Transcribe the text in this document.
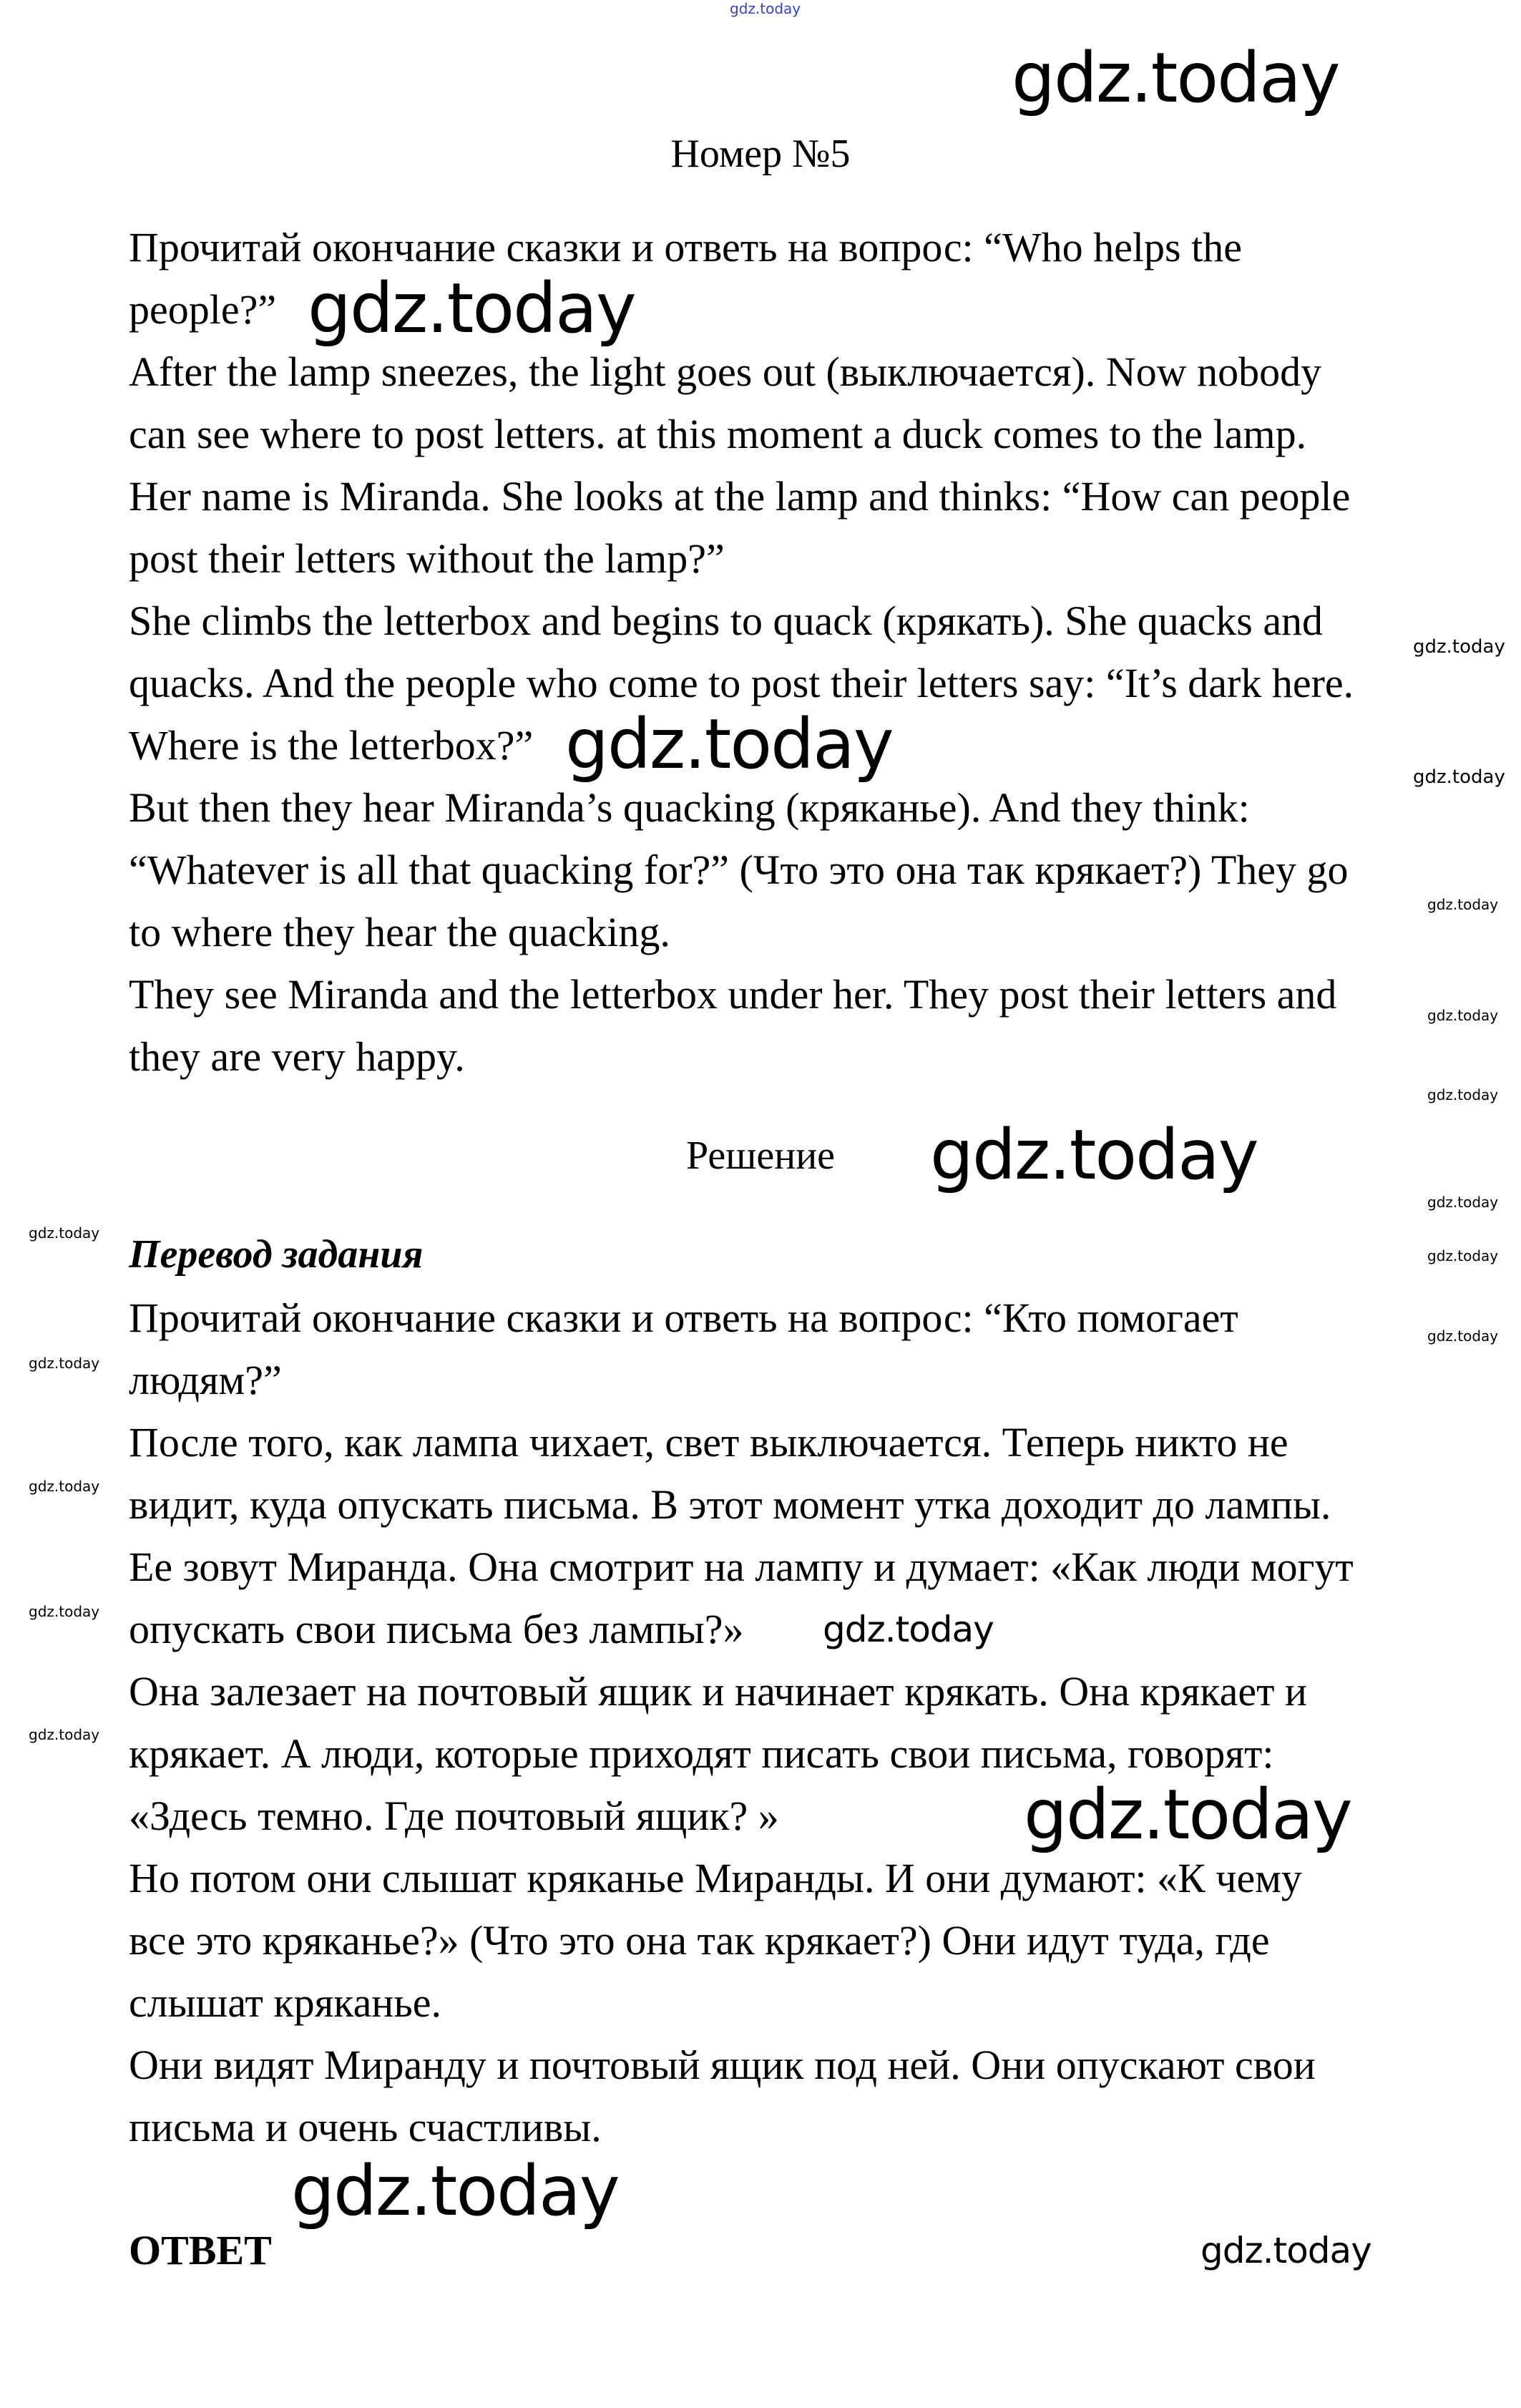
gdz.today
Номер №5
Прочитай окончание сказки и ответь на вопрос: “Who helps the
people?”
After the lamp sneezes, the light goes out (выключается). Now nobody
can see where to post letters. at this moment a duck comes to the lamp.
Her name is Miranda. She looks at the lamp and thinks: “How can people
post their letters without the lamp?”
She climbs the letterbox and begins to quack (крякать). She quacks and
quacks. And the people who come to post their letters say: “It’s dark here.
Where is the letterbox?”
But then they hear Miranda’s quacking (кряканье). And they think:
“Whatever is all that quacking for?” (Что это она так крякает?) They go
to where they hear the quacking.
They see Miranda and the letterbox under her. They post their letters and
they are very happy.
Решение
Перевод задания
Прочитай окончание сказки и ответь на вопрос: “Кто помогает
людям?”
После того, как лампа чихает, свет выключается. Теперь никто не
видит, куда опускать письма. В этот момент утка доходит до лампы.
Ее зовут Миранда. Она смотрит на лампу и думает: «Как люди могут
опускать свои письма без лампы?»
Она залезает на почтовый ящик и начинает крякать. Она крякает и
крякает. А люди, которые приходят писать свои письма, говорят:
«Здесь темно. Где почтовый ящик? »
Но потом они слышат кряканье Миранды. И они думают: «К чему
все это кряканье?» (Что это она так крякает?) Они идут туда, где
слышат кряканье.
Они видят Миранду и почтовый ящик под ней. Они опускают свои
письма и очень счастливы.
ОТВЕТ
gdz.today
gdz.today
gdz.today
gdz.today
gdz.today
gdz.today
gdz.today
gdz.today
gdz.today
gdz.today
gdz.today
gdz.today
gdz.today
gdz.today
gdz.today
gdz.today
gdz.today
gdz.today
gdz.today
gdz.today
gdz.today
